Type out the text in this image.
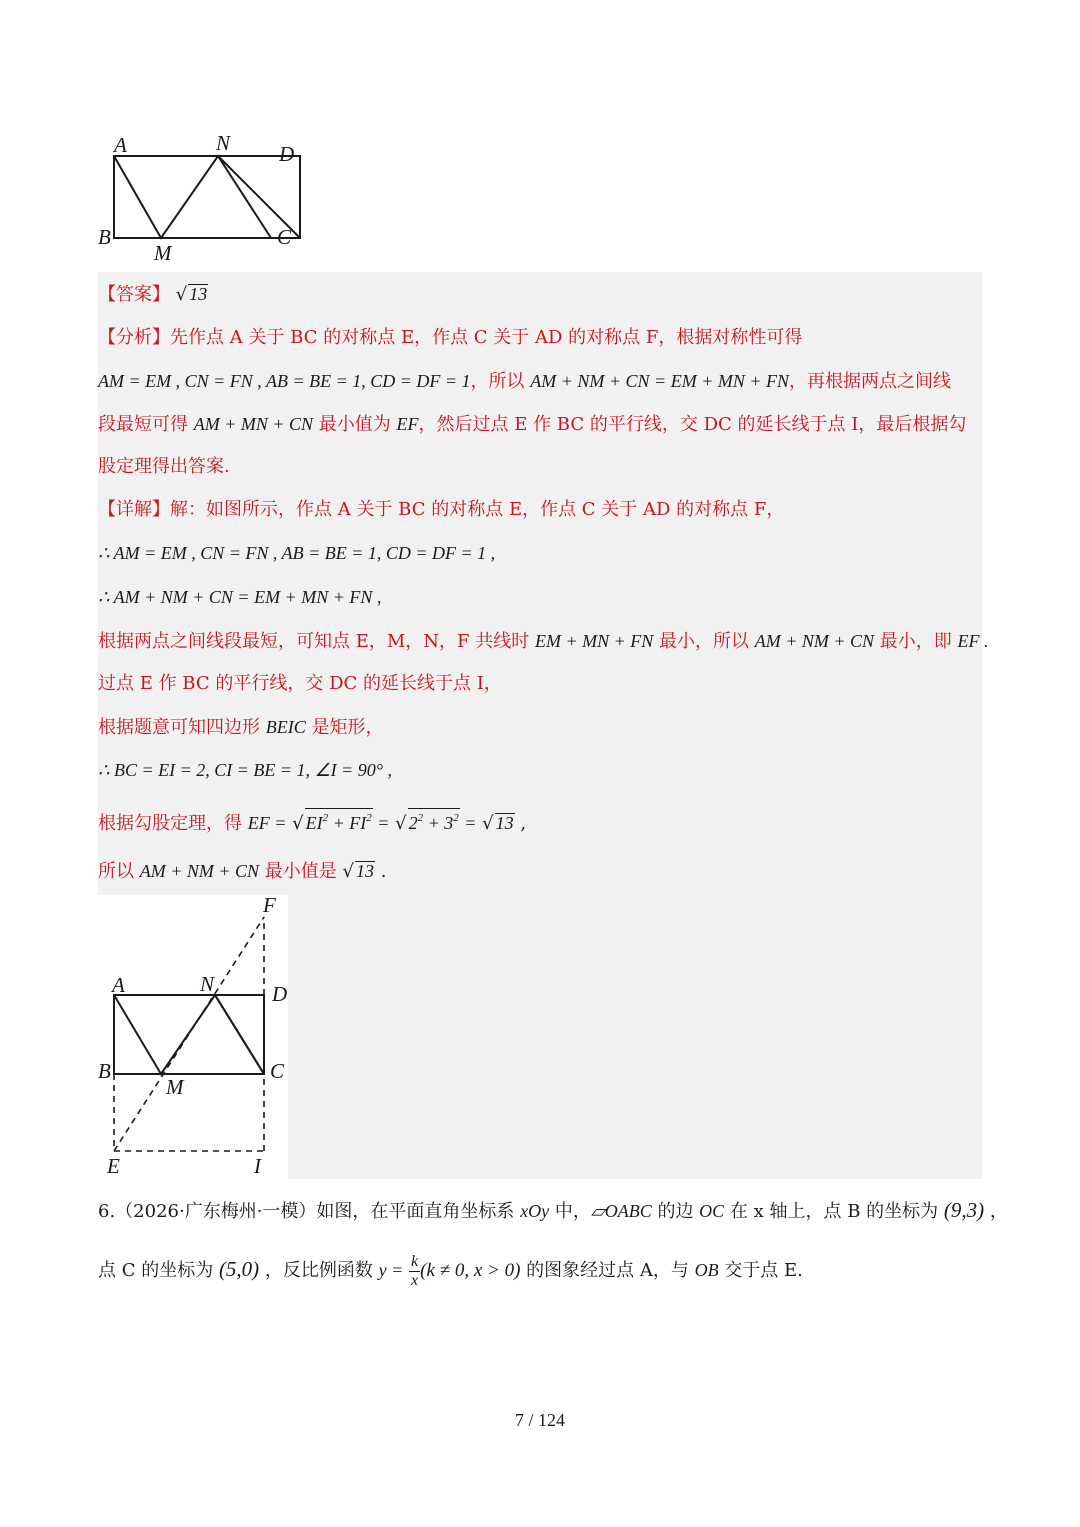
A	N D
B
M
C
【答案】 √ 13
【分析】先作点 A 关于 BC 的对称点 E，作点 C 关于 AD 的对称点 F，根据对称性可得
AM = EM , CN = FN , AB = BE = 1, CD = DF = 1，所以 AM + NM + CN = EM + MN + FN，再根据两点之间线
段最短可得 AM + MN + CN 最小值为 EF，然后过点 E 作 BC 的平行线，交 DC 的延长线于点 I，最后根据勾
股定理得出答案.
【详解】解：如图所示，作点 A 关于 BC 的对称点 E，作点 C 关于 AD 的对称点 F，
∴ AM = EM , CN = FN , AB = BE = 1, CD = DF = 1 ,
∴ AM + NM + CN = EM + MN + FN ,
根据两点之间线段最短，可知点 E，M，N，F 共线时 EM + MN + FN 最小，所以 AM + NM + CN 最小，即 EF .
过点 E 作 BC 的平行线，交 DC 的延长线于点 I，
根据题意可知四边形 BEIC 是矩形，
∴ BC = EI = 2, CI = BE = 1, ∠I = 90° ,
根据勾股定理，得 EF = √ $EI^2 + FI^2$ = √ $2^2 + 3^2$ = √ 13 ,
所以 AM + NM + CN 最小值是 √ 13 .
F
A	N	D
B
M
C
E	I
6.（2026·广东梅州·一模）如图，在平面直角坐标系 xOy 中，▱OABC 的边 OC 在 x 轴上，点 B 的坐标为 (9,3) ，
点 C 的坐标为 (5,0) ，反比例函数 $y = \frac{k}{x} (k \ne 0$, x > 0) 的图象经过点 A，与 OB 交于点 E.
7 / 124
